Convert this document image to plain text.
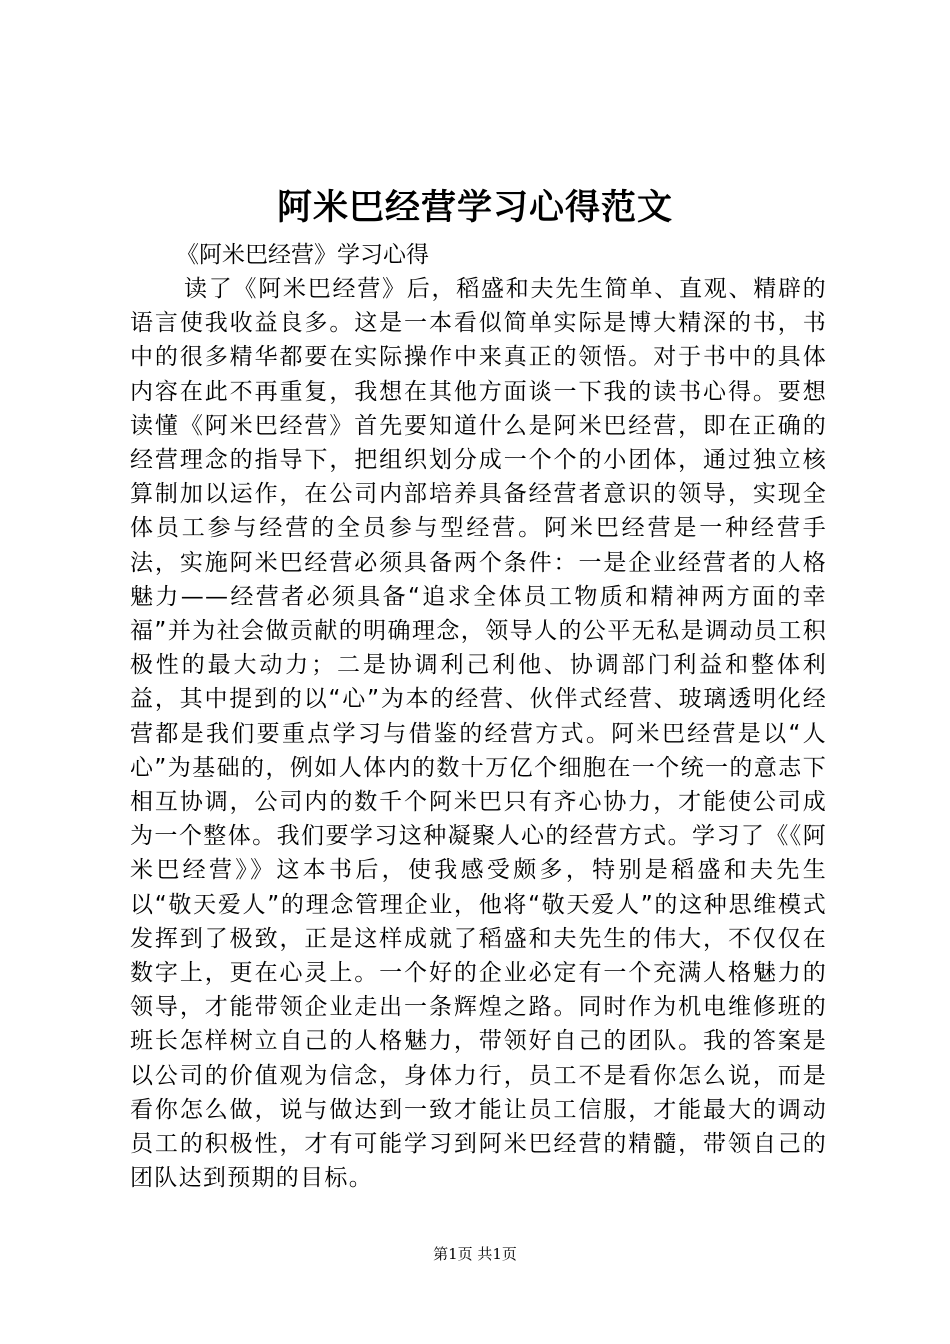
阿米巴经营学习心得范文
《阿米巴经营》学习心得

读了《阿米巴经营》后，稻盛和夫先生简单、直观、精辟的语言使我收益良多。这是一本看似简单实际是博大精深的书，书中的很多精华都要在实际操作中来真正的领悟。对于书中的具体内容在此不再重复，我想在其他方面谈一下我的读书心得。要想读懂《阿米巴经营》首先要知道什么是阿米巴经营，即在正确的经营理念的指导下，把组织划分成一个个的小团体，通过独立核算制加以运作，在公司内部培养具备经营者意识的领导，实现全体员工参与经营的全员参与型经营。阿米巴经营是一种经营手法，实施阿米巴经营必须具备两个条件：一是企业经营者的人格魅力——经营者必须具备“追求全体员工物质和精神两方面的幸福”并为社会做贡献的明确理念，领导人的公平无私是调动员工积极性的最大动力；二是协调利己利他、协调部门利益和整体利益，其中提到的以“心”为本的经营、伙伴式经营、玻璃透明化经营都是我们要重点学习与借鉴的经营方式。阿米巴经营是以“人心”为基础的，例如人体内的数十万亿个细胞在一个统一的意志下相互协调，公司内的数千个阿米巴只有齐心协力，才能使公司成为一个整体。我们要学习这种凝聚人心的经营方式。学习了《《阿米巴经营》》这本书后，使我感受颇多，特别是稻盛和夫先生以“敬天爱人”的理念管理企业，他将“敬天爱人”的这种思维模式发挥到了极致，正是这样成就了稻盛和夫先生的伟大，不仅仅在数字上，更在心灵上。一个好的企业必定有一个充满人格魅力的领导，才能带领企业走出一条辉煌之路。同时作为机电维修班的班长怎样树立自己的人格魅力，带领好自己的团队。我的答案是以公司的价值观为信念，身体力行，员工不是看你怎么说，而是看你怎么做，说与做达到一致才能让员工信服，才能最大的调动员工的积极性，才有可能学习到阿米巴经营的精髓，带领自己的团队达到预期的目标。

第1页 共1页
